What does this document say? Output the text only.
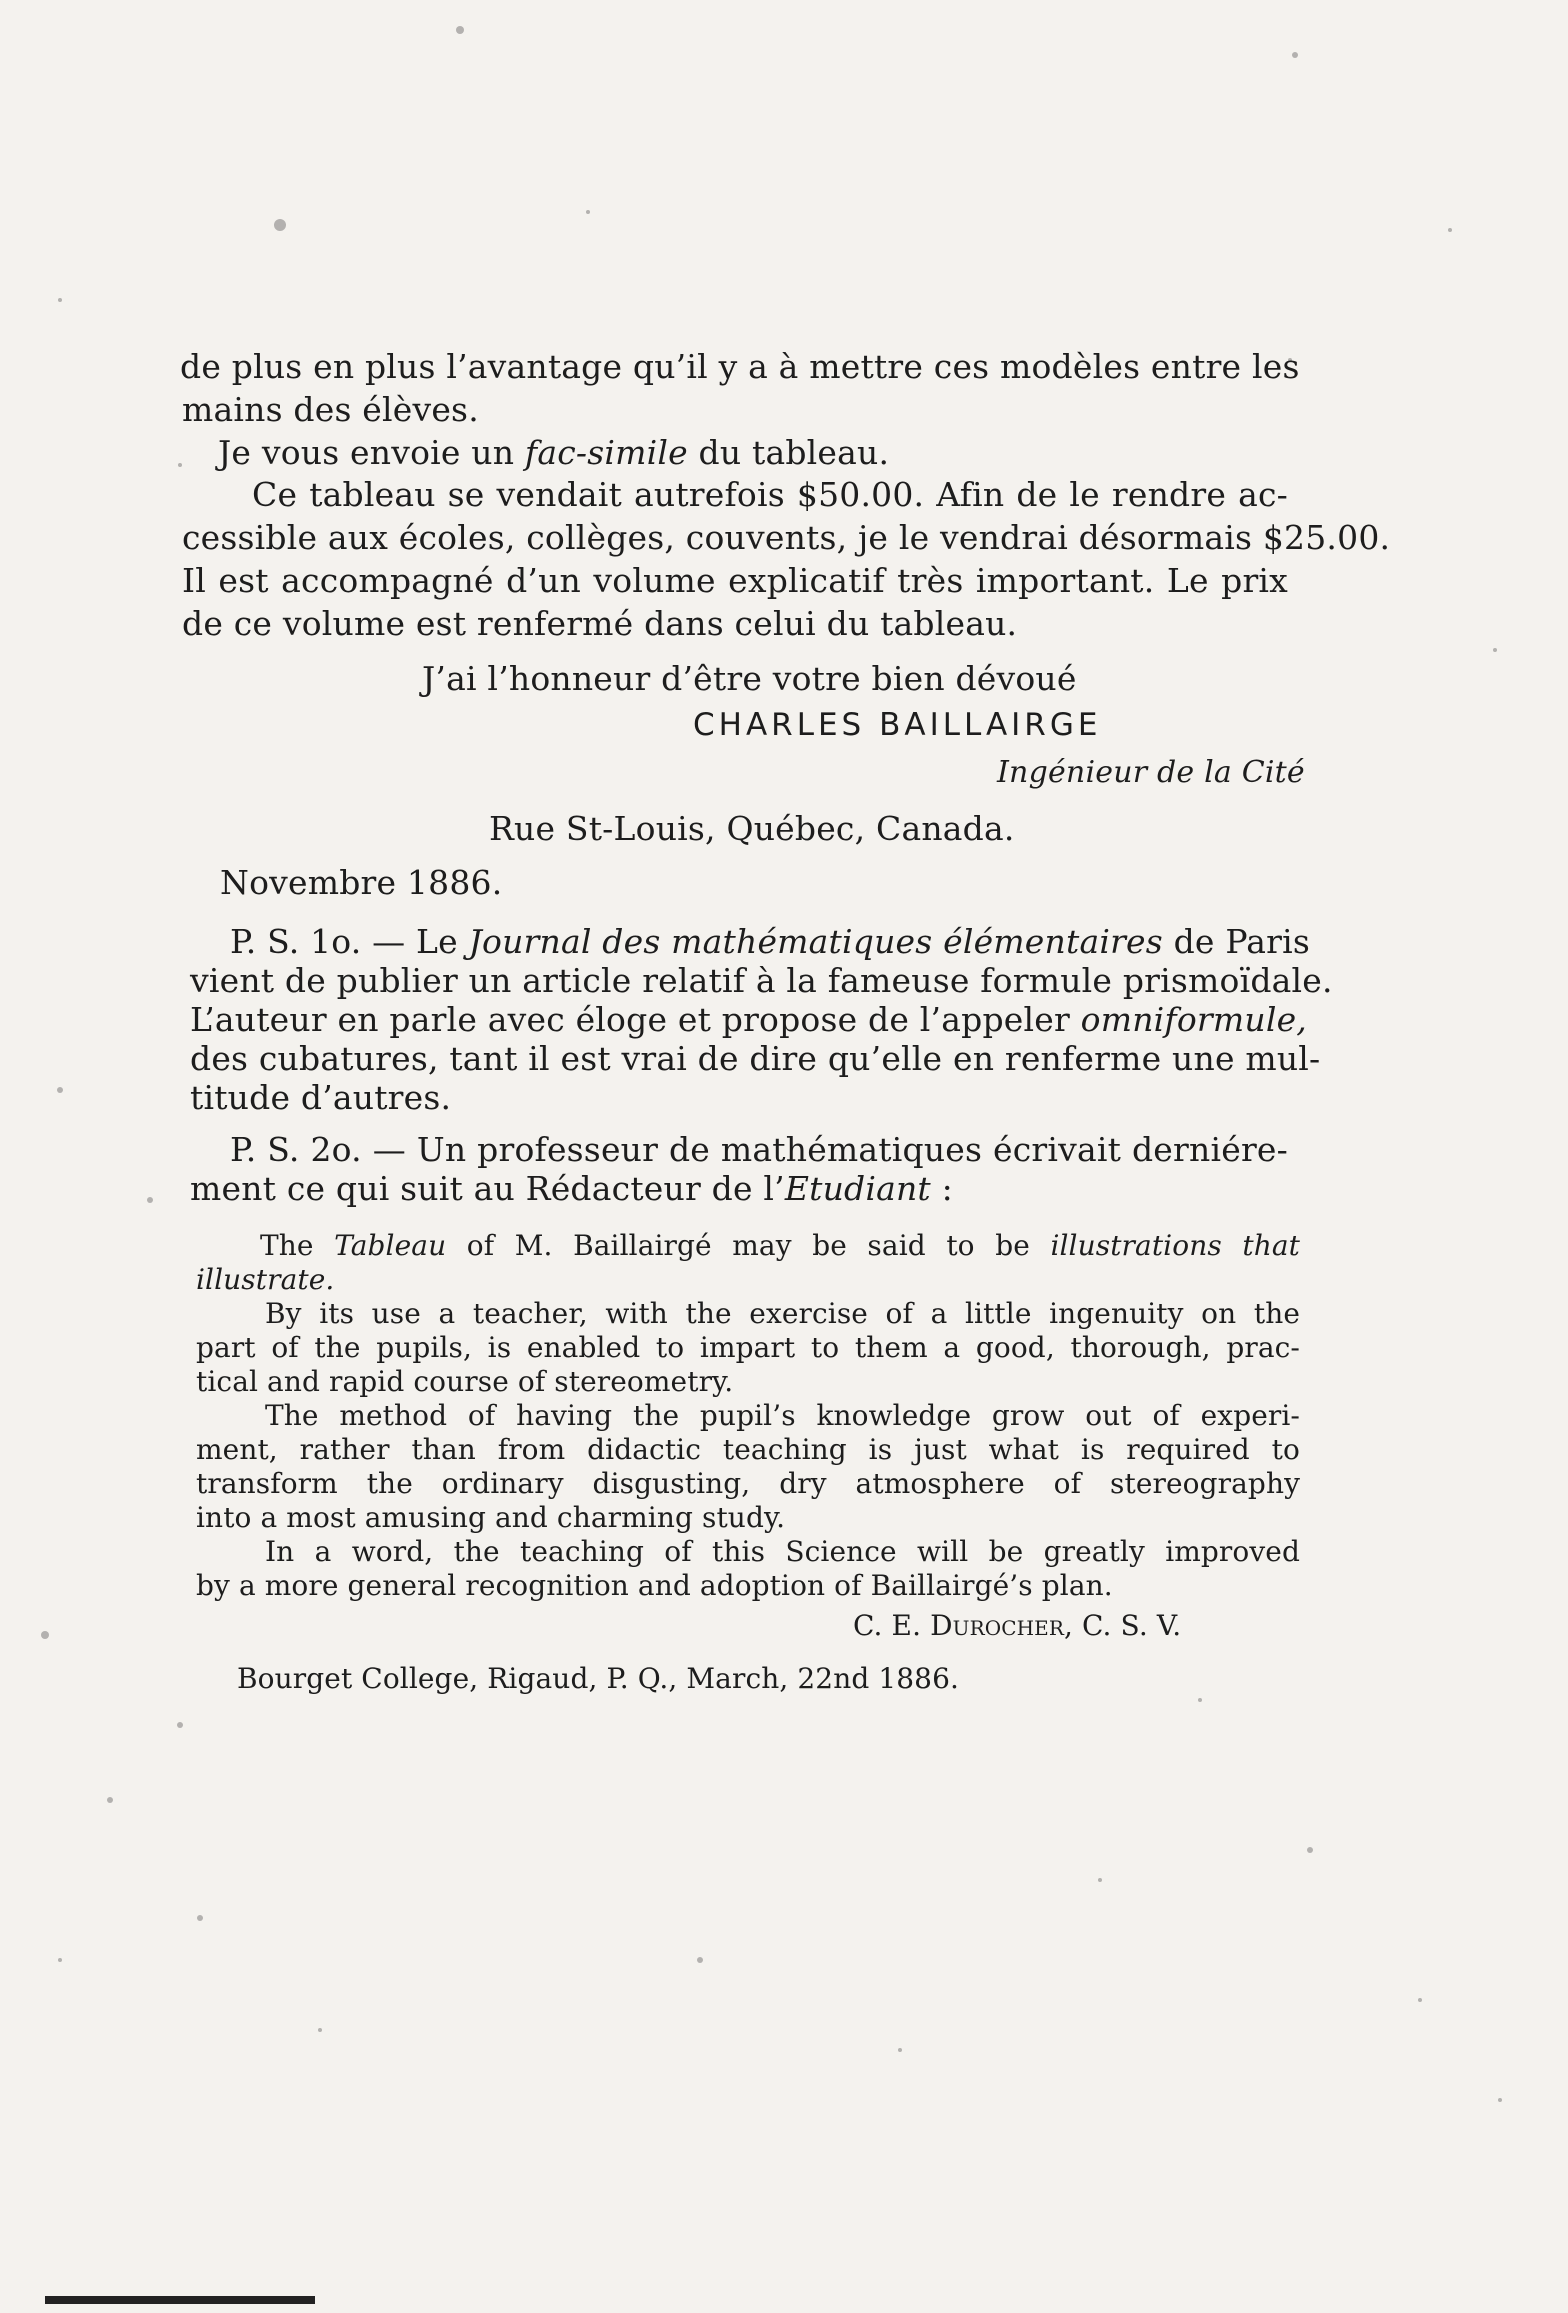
de plus en plus l’avantage qu’il y a à mettre ces modèles entre les
mains des élèves.
Je vous envoie un fac-simile du tableau.
Ce tableau se vendait autrefois $50.00. Afin de le rendre ac-
cessible aux écoles, collèges, couvents, je le vendrai désormais $25.00.
Il est accompagné d’un volume explicatif très important. Le prix
de ce volume est renfermé dans celui du tableau.
J’ai l’honneur d’être votre bien dévoué
CHARLES BAILLAIRGE
Ingénieur de la Cité
Rue St-Louis, Québec, Canada.
Novembre 1886.
P. S. 1o. — Le Journal des mathématiques élémentaires de Paris
vient de publier un article relatif à la fameuse formule prismoïdale.
L’auteur en parle avec éloge et propose de l’appeler omniformule,
des cubatures, tant il est vrai de dire qu’elle en renferme une mul-
titude d’autres.
P. S. 2o. — Un professeur de mathématiques écrivait derniére-
ment ce qui suit au Rédacteur de l’Etudiant :
The Tableau of M. Baillairgé may be said to be illustrations that
illustrate.
By its use a teacher, with the exercise of a little ingenuity on the
part of the pupils, is enabled to impart to them a good, thorough, prac-
tical and rapid course of stereometry.
The method of having the pupil’s knowledge grow out of experi-
ment, rather than from didactic teaching is just what is required to
transform the ordinary disgusting, dry atmosphere of stereography
into a most amusing and charming study.
In a word, the teaching of this Science will be greatly improved
by a more general recognition and adoption of Baillairgé’s plan.
C. E. Durocher, C. S. V.
Bourget College, Rigaud, P. Q., March, 22nd 1886.
